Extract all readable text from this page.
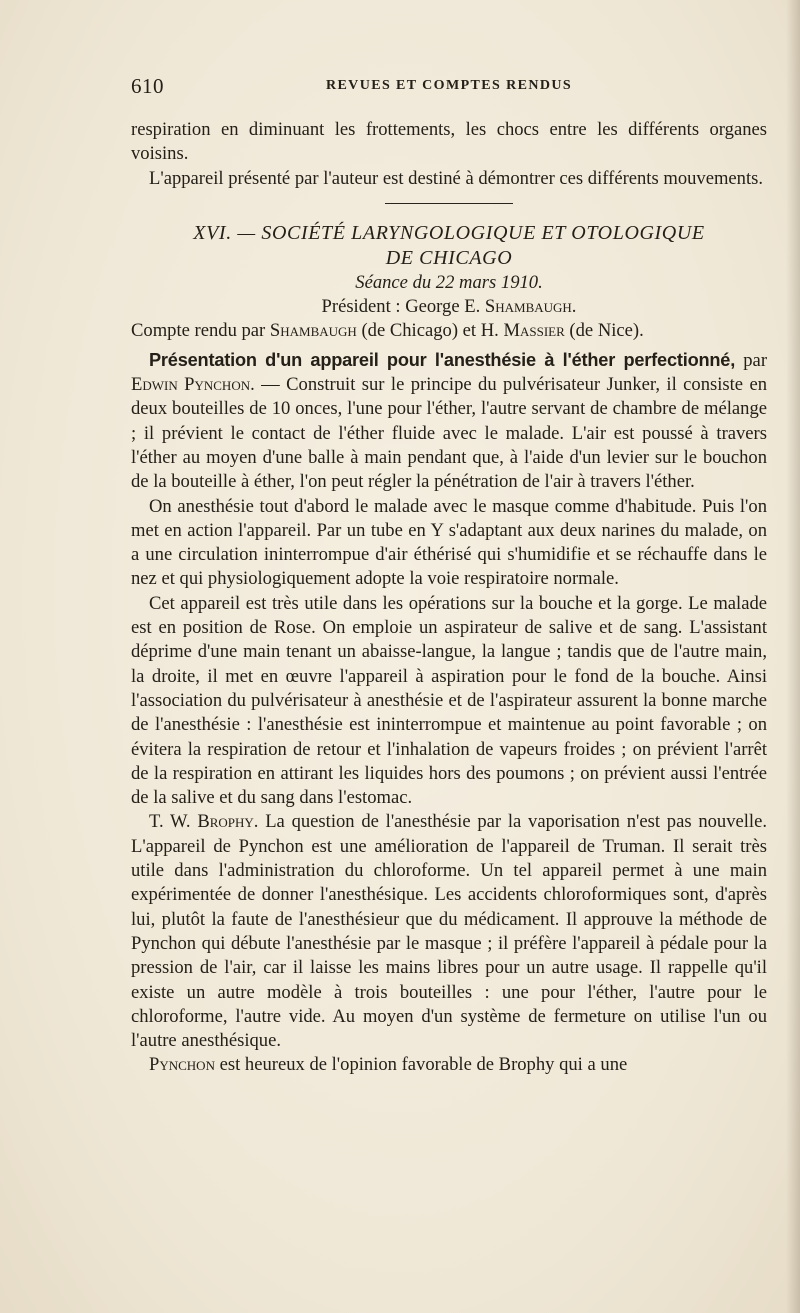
610	REVUES ET COMPTES RENDUS

respiration en diminuant les frottements, les chocs entre les différents organes voisins.

L'appareil présenté par l'auteur est destiné à démontrer ces différents mouvements.

XVI. — SOCIÉTÉ LARYNGOLOGIQUE ET OTOLOGIQUE

DE CHICAGO

Séance du 22 mars 1910.

Président : George E. Shambaugh.

Compte rendu par Shambaugh (de Chicago) et H. Massier (de Nice).

Présentation d'un appareil pour l'anesthésie à l'éther perfectionné, par Edwin Pynchon. — Construit sur le principe du pulvérisateur Junker, il consiste en deux bouteilles de 10 onces, l'une pour l'éther, l'autre servant de chambre de mélange ; il prévient le contact de l'éther fluide avec le malade. L'air est poussé à travers l'éther au moyen d'une balle à main pendant que, à l'aide d'un levier sur le bouchon de la bouteille à éther, l'on peut régler la pénétration de l'air à travers l'éther.

On anesthésie tout d'abord le malade avec le masque comme d'habitude. Puis l'on met en action l'appareil. Par un tube en Y s'adaptant aux deux narines du malade, on a une circulation ininterrompue d'air éthérisé qui s'humidifie et se réchauffe dans le nez et qui physiologiquement adopte la voie respiratoire normale.

Cet appareil est très utile dans les opérations sur la bouche et la gorge. Le malade est en position de Rose. On emploie un aspirateur de salive et de sang. L'assistant déprime d'une main tenant un abaisse-langue, la langue ; tandis que de l'autre main, la droite, il met en œuvre l'appareil à aspiration pour le fond de la bouche. Ainsi l'association du pulvérisateur à anesthésie et de l'aspirateur assurent la bonne marche de l'anesthésie : l'anesthésie est ininterrompue et maintenue au point favorable ; on évitera la respiration de retour et l'inhalation de vapeurs froides ; on prévient l'arrêt de la respiration en attirant les liquides hors des poumons ; on prévient aussi l'entrée de la salive et du sang dans l'estomac.

T. W. Brophy. La question de l'anesthésie par la vaporisation n'est pas nouvelle. L'appareil de Pynchon est une amélioration de l'appareil de Truman. Il serait très utile dans l'administration du chloroforme. Un tel appareil permet à une main expérimentée de donner l'anesthésique. Les accidents chloroformiques sont, d'après lui, plutôt la faute de l'anesthésieur que du médicament. Il approuve la méthode de Pynchon qui débute l'anesthésie par le masque ; il préfère l'appareil à pédale pour la pression de l'air, car il laisse les mains libres pour un autre usage. Il rappelle qu'il existe un autre modèle à trois bouteilles : une pour l'éther, l'autre pour le chloroforme, l'autre vide. Au moyen d'un système de fermeture on utilise l'un ou l'autre anesthésique.

Pynchon est heureux de l'opinion favorable de Brophy qui a une
